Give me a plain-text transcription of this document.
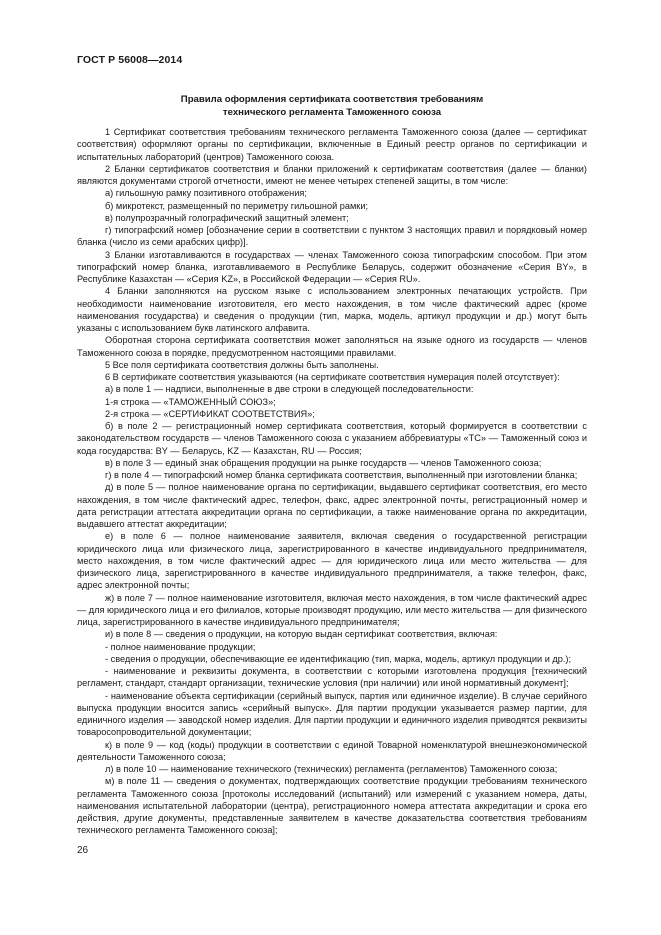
ГОСТ Р 56008—2014
Правила оформления сертификата соответствия требованиям
технического регламента Таможенного союза

1 Сертификат соответствия требованиям технического регламента Таможенного союза (далее — сертификат соответствия) оформляют органы по сертификации, включенные в Единый реестр органов по сертификации и испытательных лабораторий (центров) Таможенного союза.

2 Бланки сертификатов соответствия и бланки приложений к сертификатам соответствия (далее — бланки) являются документами строгой отчетности, имеют не менее четырех степеней защиты, в том числе:

а) гильошную рамку позитивного отображения;

б) микротекст, размещенный по периметру гильошной рамки;

в) полупрозрачный голографический защитный элемент;

г) типографский номер [обозначение серии в соответствии с пунктом 3 настоящих правил и порядковый номер бланка (число из семи арабских цифр)].

3 Бланки изготавливаются в государствах — членах Таможенного союза типографским способом. При этом типографский номер бланка, изготавливаемого в Республике Беларусь, содержит обозначение «Серия BY», в Республике Казахстан — «Серия KZ», в Российской Федерации — «Серия RU».

4 Бланки заполняются на русском языке с использованием электронных печатающих устройств. При необходимости наименование изготовителя, его место нахождения, в том числе фактический адрес (кроме наименования государства) и сведения о продукции (тип, марка, модель, артикул продукции и др.) могут быть указаны с использованием букв латинского алфавита.

Оборотная сторона сертификата соответствия может заполняться на языке одного из государств — членов Таможенного союза в порядке, предусмотренном настоящими правилами.

5 Все поля сертификата соответствия должны быть заполнены.

6 В сертификате соответствия указываются (на сертификате соответствия нумерация полей отсутствует):

а) в поле 1 — надписи, выполненные в две строки в следующей последовательности:

1-я строка — «ТАМОЖЕННЫЙ СОЮЗ»;

2-я строка — «СЕРТИФИКАТ СООТВЕТСТВИЯ»;

б) в поле 2 — регистрационный номер сертификата соответствия, который формируется в соответствии с законодательством государств — членов Таможенного союза с указанием аббревиатуры «ТС» — Таможенный союз и кода государства: BY — Беларусь, KZ — Казахстан, RU — Россия;

в) в поле 3 — единый знак обращения продукции на рынке государств — членов Таможенного союза;

г) в поле 4 — типографский номер бланка сертификата соответствия, выполненный при изготовлении бланка;

д) в поле 5 — полное наименование органа по сертификации, выдавшего сертификат соответствия, его место нахождения, в том числе фактический адрес, телефон, факс, адрес электронной почты, регистрационный номер и дата регистрации аттестата аккредитации органа по сертификации, а также наименование органа по аккредитации, выдавшего аттестат аккредитации;

е) в поле 6 — полное наименование заявителя, включая сведения о государственной регистрации юридического лица или физического лица, зарегистрированного в качестве индивидуального предпринимателя, место нахождения, в том числе фактический адрес — для юридического лица или место жительства — для физического лица, зарегистрированного в качестве индивидуального предпринимателя, а также телефон, факс, адрес электронной почты;

ж) в поле 7 — полное наименование изготовителя, включая место нахождения, в том числе фактический адрес — для юридического лица и его филиалов, которые производят продукцию, или место жительства — для физического лица, зарегистрированного в качестве индивидуального предпринимателя;

и) в поле 8 — сведения о продукции, на которую выдан сертификат соответствия, включая:

- полное наименование продукции;

- сведения о продукции, обеспечивающие ее идентификацию (тип, марка, модель, артикул продукции и др.);

- наименование и реквизиты документа, в соответствии с которыми изготовлена продукция [технический регламент, стандарт, стандарт организации, технические условия (при наличии) или иной нормативный документ];

- наименование объекта сертификации (серийный выпуск, партия или единичное изделие). В случае серийного выпуска продукции вносится запись «серийный выпуск». Для партии продукции указывается размер партии, для единичного изделия — заводской номер изделия. Для партии продукции и единичного изделия приводятся реквизиты товаросопроводительной документации;

к) в поле 9 — код (коды) продукции в соответствии с единой Товарной номенклатурой внешнеэкономической деятельности Таможенного союза;

л) в поле 10 — наименование технического (технических) регламента (регламентов) Таможенного союза;

м) в поле 11 — сведения о документах, подтверждающих соответствие продукции требованиям технического регламента Таможенного союза [протоколы исследований (испытаний) или измерений с указанием номера, даты, наименования испытательной лаборатории (центра), регистрационного номера аттестата аккредитации и срока его действия, другие документы, представленные заявителем в качестве доказательства соответствия требованиям технического регламента Таможенного союза];

26
